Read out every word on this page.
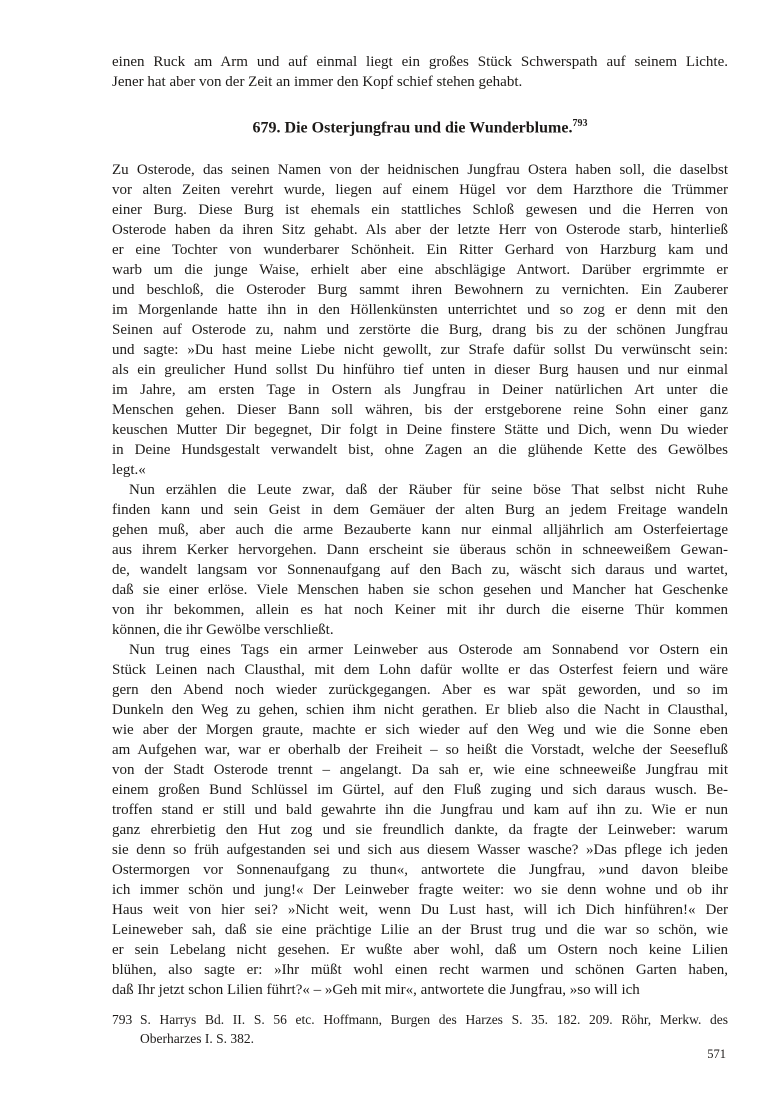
einen Ruck am Arm und auf einmal liegt ein großes Stück Schwerspath auf seinem Lichte.
Jener hat aber von der Zeit an immer den Kopf schief stehen gehabt.
679. Die Osterjungfrau und die Wunderblume.$^{793}$
Zu Osterode, das seinen Namen von der heidnischen Jungfrau Ostera haben soll, die daselbst
vor alten Zeiten verehrt wurde, liegen auf einem Hügel vor dem Harzthore die Trümmer
einer Burg. Diese Burg ist ehemals ein stattliches Schloß gewesen und die Herren von
Osterode haben da ihren Sitz gehabt. Als aber der letzte Herr von Osterode starb, hinterließ
er eine Tochter von wunderbarer Schönheit. Ein Ritter Gerhard von Harzburg kam und
warb um die junge Waise, erhielt aber eine abschlägige Antwort. Darüber ergrimmte er
und beschloß, die Osteroder Burg sammt ihren Bewohnern zu vernichten. Ein Zauberer
im Morgenlande hatte ihn in den Höllenkünsten unterrichtet und so zog er denn mit den
Seinen auf Osterode zu, nahm und zerstörte die Burg, drang bis zu der schönen Jungfrau
und sagte: »Du hast meine Liebe nicht gewollt, zur Strafe dafür sollst Du verwünscht sein:
als ein greulicher Hund sollst Du hinführo tief unten in dieser Burg hausen und nur einmal
im Jahre, am ersten Tage in Ostern als Jungfrau in Deiner natürlichen Art unter die
Menschen gehen. Dieser Bann soll währen, bis der erstgeborene reine Sohn einer ganz
keuschen Mutter Dir begegnet, Dir folgt in Deine finstere Stätte und Dich, wenn Du wieder
in Deine Hundsgestalt verwandelt bist, ohne Zagen an die glühende Kette des Gewölbes
legt.«
Nun erzählen die Leute zwar, daß der Räuber für seine böse That selbst nicht Ruhe
finden kann und sein Geist in dem Gemäuer der alten Burg an jedem Freitage wandeln
gehen muß, aber auch die arme Bezauberte kann nur einmal alljährlich am Osterfeiertage
aus ihrem Kerker hervorgehen. Dann erscheint sie überaus schön in schneeweißem Gewan-
de, wandelt langsam vor Sonnenaufgang auf den Bach zu, wäscht sich daraus und wartet,
daß sie einer erlöse. Viele Menschen haben sie schon gesehen und Mancher hat Geschenke
von ihr bekommen, allein es hat noch Keiner mit ihr durch die eiserne Thür kommen
können, die ihr Gewölbe verschließt.
Nun trug eines Tags ein armer Leinweber aus Osterode am Sonnabend vor Ostern ein
Stück Leinen nach Clausthal, mit dem Lohn dafür wollte er das Osterfest feiern und wäre
gern den Abend noch wieder zurückgegangen. Aber es war spät geworden, und so im
Dunkeln den Weg zu gehen, schien ihm nicht gerathen. Er blieb also die Nacht in Clausthal,
wie aber der Morgen graute, machte er sich wieder auf den Weg und wie die Sonne eben
am Aufgehen war, war er oberhalb der Freiheit – so heißt die Vorstadt, welche der Seesefluß
von der Stadt Osterode trennt – angelangt. Da sah er, wie eine schneeweiße Jungfrau mit
einem großen Bund Schlüssel im Gürtel, auf den Fluß zuging und sich daraus wusch. Be-
troffen stand er still und bald gewahrte ihn die Jungfrau und kam auf ihn zu. Wie er nun
ganz ehrerbietig den Hut zog und sie freundlich dankte, da fragte der Leinweber: warum
sie denn so früh aufgestanden sei und sich aus diesem Wasser wasche? »Das pflege ich jeden
Ostermorgen vor Sonnenaufgang zu thun«, antwortete die Jungfrau, »und davon bleibe
ich immer schön und jung!« Der Leinweber fragte weiter: wo sie denn wohne und ob ihr
Haus weit von hier sei? »Nicht weit, wenn Du Lust hast, will ich Dich hinführen!« Der
Leineweber sah, daß sie eine prächtige Lilie an der Brust trug und die war so schön, wie
er sein Lebelang nicht gesehen. Er wußte aber wohl, daß um Ostern noch keine Lilien
blühen, also sagte er: »Ihr müßt wohl einen recht warmen und schönen Garten haben,
daß Ihr jetzt schon Lilien führt?« – »Geh mit mir«, antwortete die Jungfrau, »so will ich
793 S. Harrys Bd. II. S. 56 etc. Hoffmann, Burgen des Harzes S. 35. 182. 209. Röhr, Merkw. des
Oberharzes I. S. 382.
571
